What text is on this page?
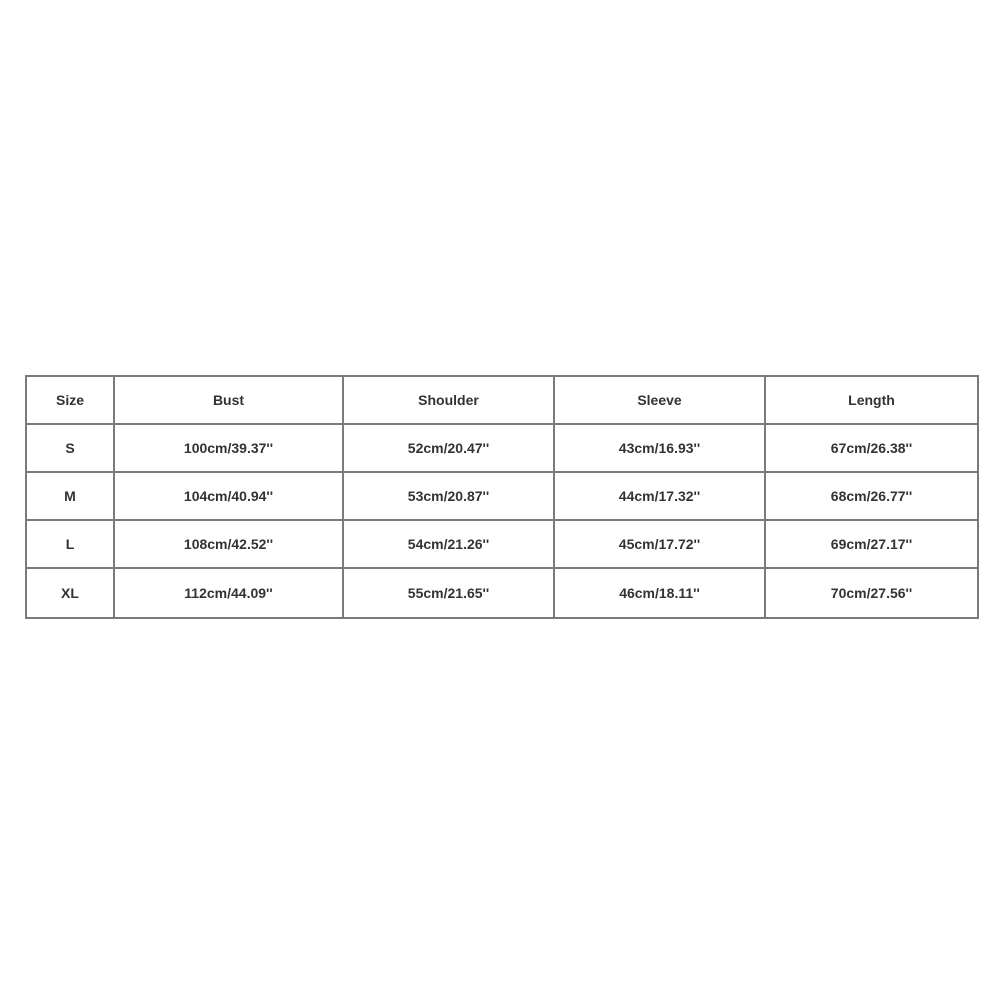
Size	Bust	Shoulder	Sleeve	Length
S	100cm/39.37''	52cm/20.47''	43cm/16.93''	67cm/26.38''
M	104cm/40.94''	53cm/20.87''	44cm/17.32''	68cm/26.77''
L	108cm/42.52''	54cm/21.26''	45cm/17.72''	69cm/27.17''
XL	112cm/44.09''	55cm/21.65''	46cm/18.11''	70cm/27.56''
